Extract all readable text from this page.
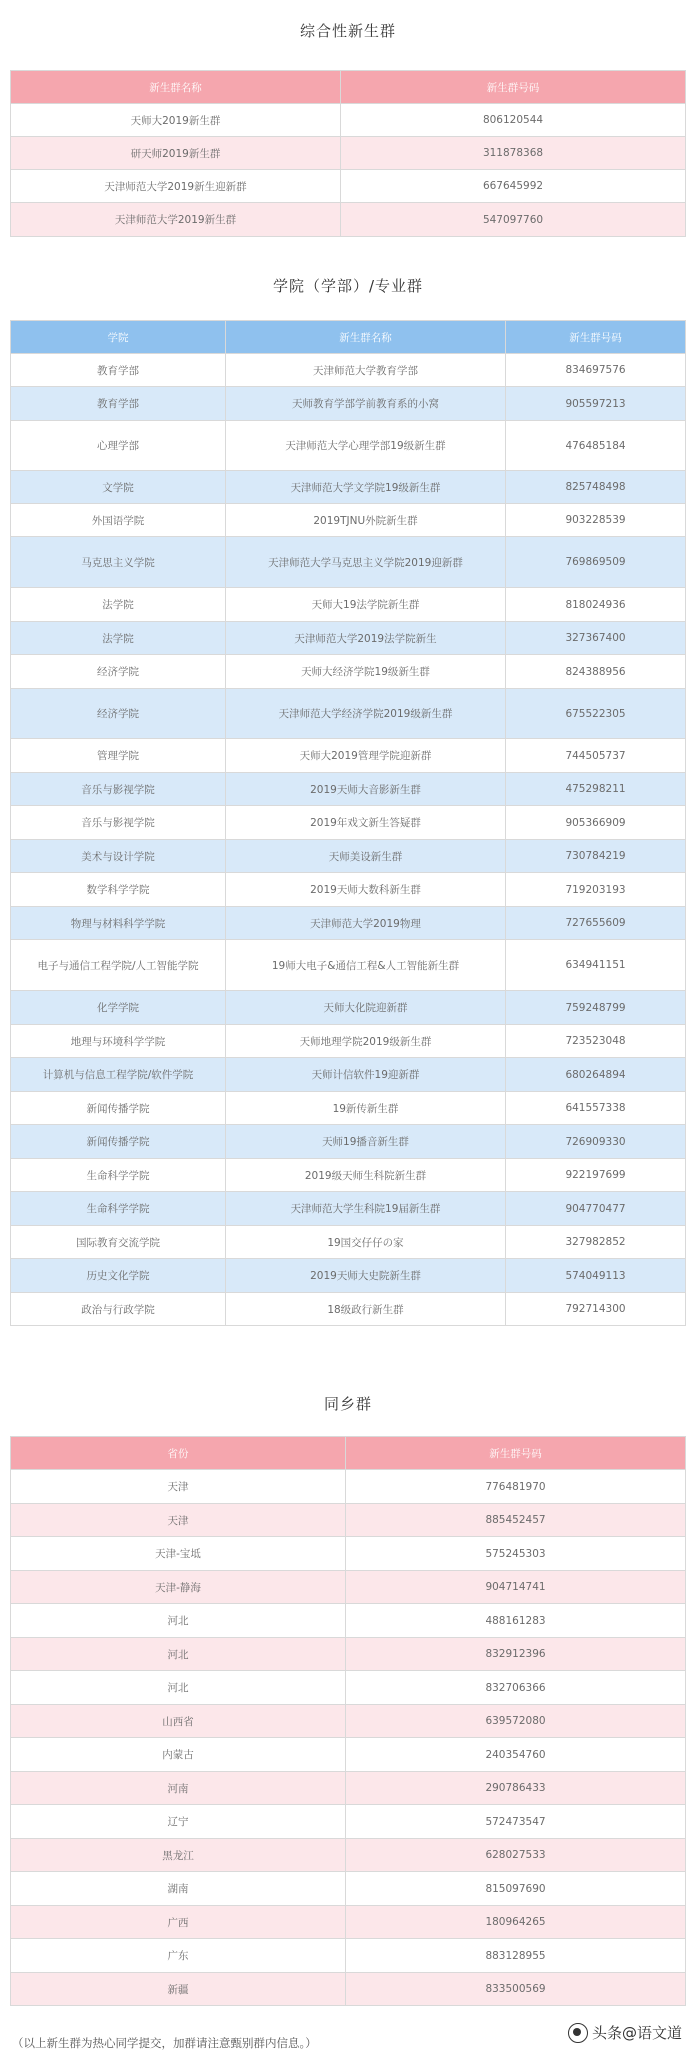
综合性新生群
新生群名称	新生群号码
天师大2019新生群	806120544
研天师2019新生群	311878368
天津师范大学2019新生迎新群	667645992
天津师范大学2019新生群	547097760
学院（学部）/专业群
学院	新生群名称	新生群号码
教育学部	天津师范大学教育学部	834697576
教育学部	天师教育学部学前教育系的小窝	905597213
心理学部	天津师范大学心理学部19级新生群	476485184
文学院	天津师范大学文学院19级新生群	825748498
外国语学院	2019TJNU外院新生群	903228539
马克思主义学院	天津师范大学马克思主义学院2019迎新群	769869509
法学院	天师大19法学院新生群	818024936
法学院	天津师范大学2019法学院新生	327367400
经济学院	天师大经济学院19级新生群	824388956
经济学院	天津师范大学经济学院2019级新生群	675522305
管理学院	天师大2019管理学院迎新群	744505737
音乐与影视学院	2019天师大音影新生群	475298211
音乐与影视学院	2019年戏文新生答疑群	905366909
美术与设计学院	天师美设新生群	730784219
数学科学学院	2019天师大数科新生群	719203193
物理与材料科学学院	天津师范大学2019物理	727655609
电子与通信工程学院/人工智能学院	19师大电子&通信工程&人工智能新生群	634941151
化学学院	天师大化院迎新群	759248799
地理与环境科学学院	天师地理学院2019级新生群	723523048
计算机与信息工程学院/软件学院	天师计信软件19迎新群	680264894
新闻传播学院	19新传新生群	641557338
新闻传播学院	天师19播音新生群	726909330
生命科学学院	2019级天师生科院新生群	922197699
生命科学学院	天津师范大学生科院19届新生群	904770477
国际教育交流学院	19国交仔仔の家	327982852
历史文化学院	2019天师大史院新生群	574049113
政治与行政学院	18级政行新生群	792714300
同乡群
省份	新生群号码
天津	776481970
天津	885452457
天津-宝坻	575245303
天津-静海	904714741
河北	488161283
河北	832912396
河北	832706366
山西省	639572080
内蒙古	240354760
河南	290786433
辽宁	572473547
黑龙江	628027533
湖南	815097690
广西	180964265
广东	883128955
新疆	833500569
（以上新生群为热心同学提交，加群请注意甄别群内信息。）
头条@语文道
